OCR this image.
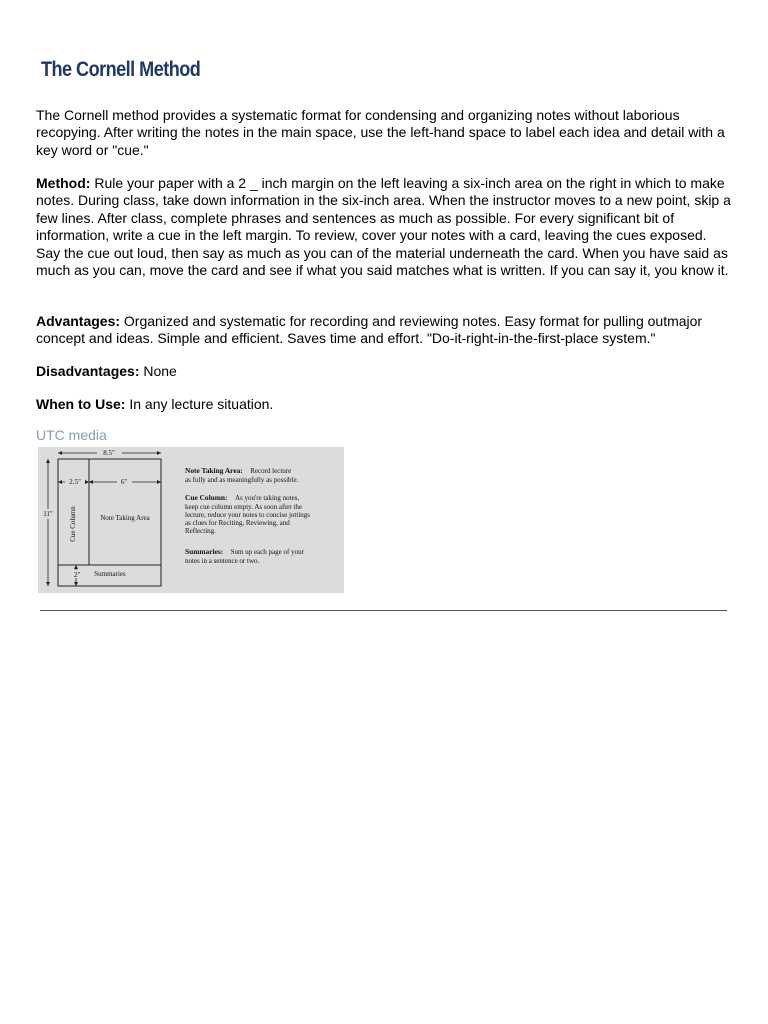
The Cornell Method

The Cornell method provides a systematic format for condensing and organizing notes without laborious recopying. After writing the notes in the main space, use the left-hand space to label each idea and detail with a key word or "cue."

Method: Rule your paper with a 2 _ inch margin on the left leaving a six-inch area on the right in which to make notes. During class, take down information in the six-inch area. When the instructor moves to a new point, skip a few lines. After class, complete phrases and sentences as much as possible. For every significant bit of information, write a cue in the left margin. To review, cover your notes with a card, leaving the cues exposed. Say the cue out loud, then say as much as you can of the material underneath the card. When you have said as much as you can, move the card and see if what you said matches what is written. If you can say it, you know it.

Advantages: Organized and systematic for recording and reviewing notes. Easy format for pulling outmajor concept and ideas. Simple and efficient. Saves time and effort. "Do-it-right-in-the-first-place system."

Disadvantages: None

When to Use: In any lecture situation.

UTC media
8.5"
2.5"	6"
11"
2"
Cue Column	Note Taking Area
Summaries
Note Taking Area: Record lecture
as fully and as meaningfully as possible.
Cue Column: As you're taking notes,
keep cue column empty. As soon after the
lecture, reduce your notes to concise jottings
as clues for Reciting, Reviewing, and
Reflecting.
Summaries: Sum up each page of your
notes in a sentence or two.
